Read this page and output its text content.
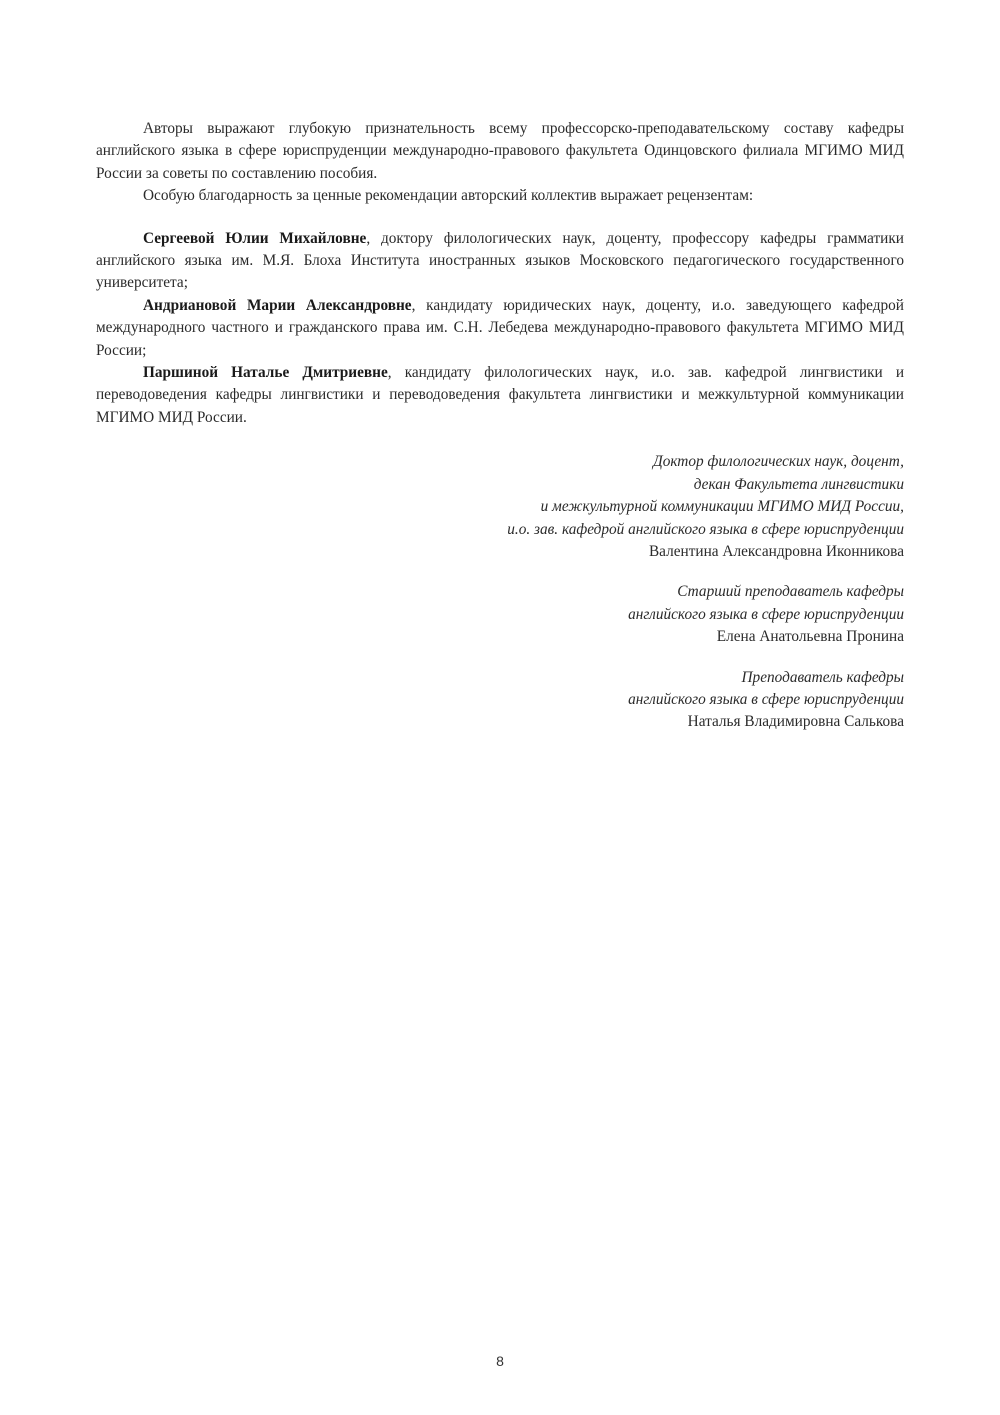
Авторы выражают глубокую признательность всему профессорско-преподавательскому составу кафедры английского языка в сфере юриспруденции международно-правового факультета Одинцовского филиала МГИМО МИД России за советы по составлению пособия.

Особую благодарность за ценные рекомендации авторский коллектив выражает рецензентам:

Сергеевой Юлии Михайловне, доктору филологических наук, доценту, профессору кафедры грамматики английского языка им. М.Я. Блоха Института иностранных языков Московского педагогического государственного университета;

Андриановой Марии Александровне, кандидату юридических наук, доценту, и.о. заведующего кафедрой международного частного и гражданского права им. С.Н. Лебедева международно-правового факультета МГИМО МИД России;

Паршиной Наталье Дмитриевне, кандидату филологических наук, и.о. зав. кафедрой лингвистики и переводоведения кафедры лингвистики и переводоведения факультета лингвистики и межкультурной коммуникации МГИМО МИД России.

Доктор филологических наук, доцент,
декан Факультета лингвистики
и межкультурной коммуникации МГИМО МИД России,
и.о. зав. кафедрой английского языка в сфере юриспруденции
Валентина Александровна Иконникова
Старший преподаватель кафедры
английского языка в сфере юриспруденции
Елена Анатольевна Пронина
Преподаватель кафедры
английского языка в сфере юриспруденции
Наталья Владимировна Салькова
8
